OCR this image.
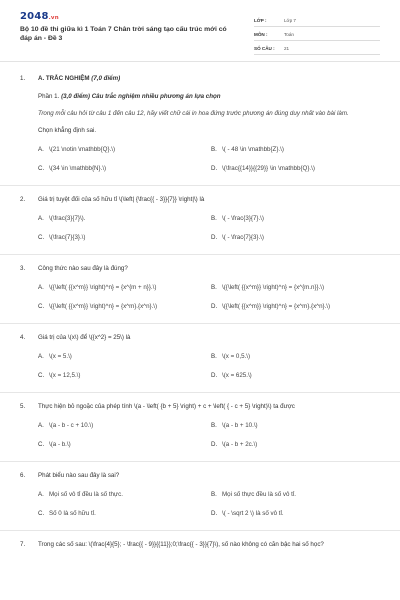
2048.vn
Bộ 10 đề thi giữa kì 1 Toán 7 Chân trời sáng tạo cấu trúc mới có đáp án - Đề 3
LỚP :	Lớp 7
MÔN :	Toán
SỐ CÂU :	21
1. A. TRẮC NGHIỆM (7,0 điểm)
Phần 1. (3,0 điểm) Câu trắc nghiệm nhiều phương án lựa chọn
Trong mỗi câu hỏi từ câu 1 đến câu 12, hãy viết chữ cái in hoa đứng trước phương án đúng duy nhất vào bài làm.
Chọn khẳng định sai.
A. \(21 \notin \mathbb{Q}.\)	B. \( - 48 \in \mathbb{Z}.\)
C. \(34 \in \mathbb{N}.\)	D. \(\frac{{14}}{{29}} \in \mathbb{Q}.\)
2. Giá trị tuyệt đối của số hữu tỉ \(\left| {\frac{{ - 3}}{7}} \right|\) là
A. \(\frac{3}{7}\).	B. \( - \frac{3}{7}.\)
C. \(\frac{7}{3}.\)	D. \( - \frac{7}{3}.\)
3. Công thức nào sau đây là đúng?
A. \({\left( {{x^m}} \right)^n} = {x^{m + n}}.\)	B. \({\left( {{x^m}} \right)^n} = {x^{m.n}}.\)
C. \({\left( {{x^m}} \right)^n} = {x^m}.{x^n}.\)	D. \({\left( {{x^m}} \right)^n} = {x^m}.{x^n}.\)
4. Giá trị của \(x\) để \({x^2} = 25\) là
A. \(x = 5.\)	B. \(x = 0,5.\)
C. \(x = 12,5.\)	D. \(x = 625.\)
5. Thực hiện bỏ ngoặc của phép tính \(a - \left( {b + 5} \right) + c + \left( { - c + 5} \right)\) ta được
A. \(a - b - c + 10.\)	B. \(a - b + 10.\)
C. \(a - b.\)	D. \(a - b + 2c.\)
6. Phát biểu nào sau đây là sai?
A. Mọi số vô tỉ đều là số thực.	B. Mọi số thực đều là số vô tỉ.
C. Số 0 là số hữu tỉ.	D. \( - \sqrt 2 \) là số vô tỉ.
7. Trong các số sau: \(\frac{4}{5}; - \frac{{ - 9}}{{11}};0;\frac{{ - 3}}{7}\), số nào không có căn bậc hai số học?
